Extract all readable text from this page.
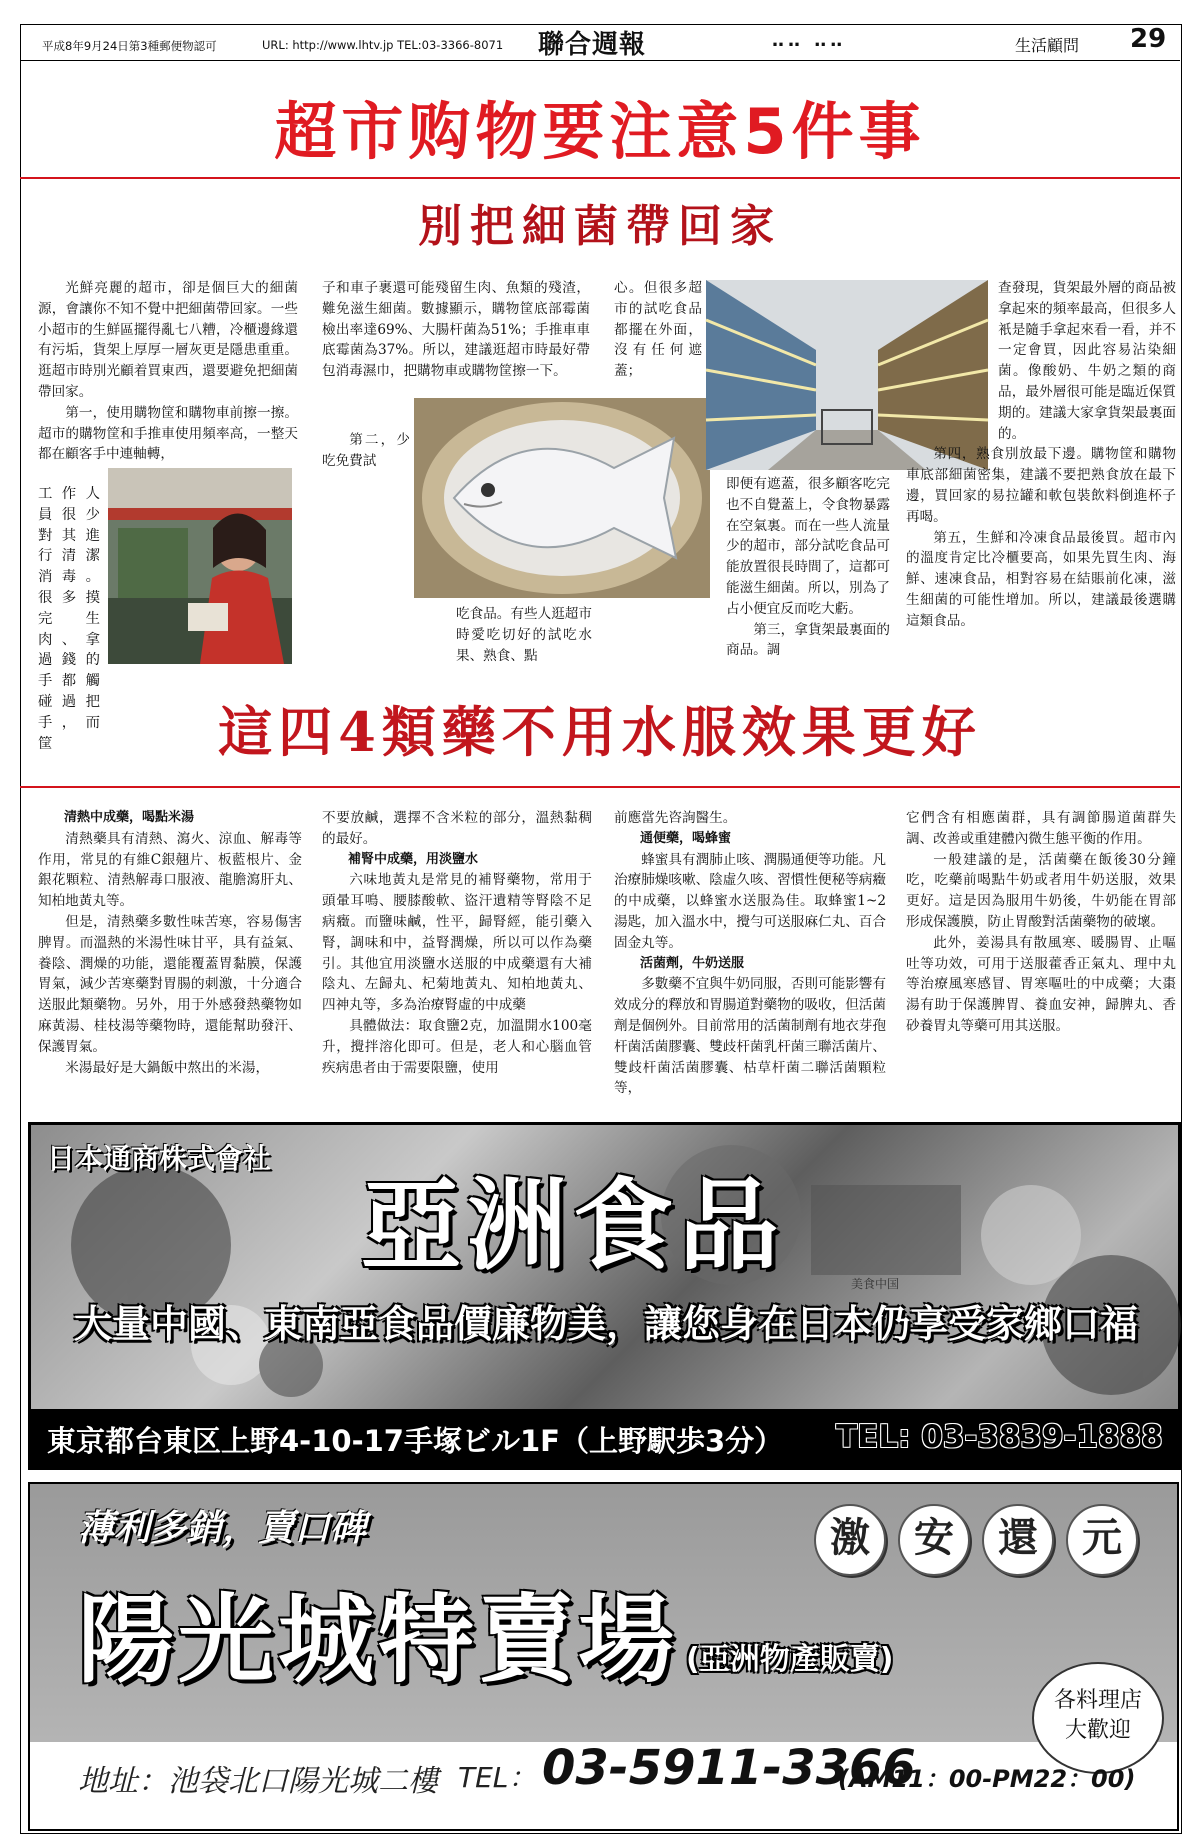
平成8年9月24日第3種郵便物認可	URL: http://www.lhtv.jp TEL:03-3366-8071 聯合週報	‥‥ ‥‥	生活顧問 29
超市购物要注意5件事
別把細菌帶回家

光鮮亮麗的超市，卻是個巨大的細菌源，會讓你不知不覺中把細菌帶回家。一些小超市的生鮮區擺得亂七八糟，冷櫃邊緣還有污垢，貨架上厚厚一層灰更是隱患重重。逛超市時別光顧着買東西，還要避免把細菌帶回家。

第一，使用購物筐和購物車前擦一擦。超市的購物筐和手推車使用頻率高，一整天都在顧客手中連軸轉，

工作人員很少對其進行清潔消毒。很多摸完生肉、拿過錢的手都觸碰過把手，而筐

子和車子裹還可能殘留生肉、魚類的殘渣，難免滋生細菌。數據顯示，購物筐底部霉菌檢出率達69%、大腸杆菌為51%；手推車車底霉菌為37%。所以，建議逛超市時最好帶包消毒濕巾，把購物車或購物筐擦一下。

第二，少吃免費試

吃食品。有些人逛超市時愛吃切好的試吃水果、熟食、點

心。但很多超市的試吃食品都擺在外面，沒有任何遮蓋；

即便有遮蓋，很多顧客吃完也不自覺蓋上，令食物暴露在空氣裏。而在一些人流量少的超市，部分試吃食品可能放置很長時間了，這都可能滋生細菌。所以，別為了占小便宜反而吃大虧。

第三，拿貨架最裏面的商品。調

查發現，貨架最外層的商品被拿起來的頻率最高，但很多人衹是隨手拿起來看一看，并不一定會買，因此容易沾染細菌。像酸奶、牛奶之類的商品，最外層很可能是臨近保質期的。建議大家拿貨架最裏面的。

第四，熟食別放最下邊。購物筐和購物車底部細菌密集，建議不要把熟食放在最下邊，買回家的易拉罐和軟包裝飲料倒進杯子再喝。

第五，生鮮和冷凍食品最後買。超市內的溫度肯定比冷櫃要高，如果先買生肉、海鮮、速凍食品，相對容易在結賬前化凍，滋生細菌的可能性增加。所以，建議最後選購這類食品。

這四4類藥不用水服效果更好
清熱中成藥，喝點米湯

清熱藥具有清熱、瀉火、涼血、解毒等作用，常見的有維C銀翹片、板藍根片、金銀花顆粒、清熱解毒口服液、龍膽瀉肝丸、知柏地黃丸等。

但是，清熱藥多數性味苦寒，容易傷害脾胃。而溫熱的米湯性味甘平，具有益氣、養陰、潤燥的功能，還能覆蓋胃黏膜，保護胃氣，減少苦寒藥對胃腸的刺激，十分適合送服此類藥物。另外，用于外感發熱藥物如麻黃湯、桂枝湯等藥物時，還能幫助發汗、保護胃氣。

米湯最好是大鍋飯中熬出的米湯，

不要放鹹，選擇不含米粒的部分，溫熱黏稠的最好。

補腎中成藥，用淡鹽水

六味地黃丸是常見的補腎藥物，常用于頭暈耳鳴、腰膝酸軟、盜汗遺精等腎陰不足病癥。而鹽味鹹，性平，歸腎經，能引藥入腎，調味和中，益腎潤燥，所以可以作為藥引。其他宜用淡鹽水送服的中成藥還有大補陰丸、左歸丸、杞菊地黃丸、知柏地黃丸、四神丸等，多為治療腎虛的中成藥

具體做法：取食鹽2克，加溫開水100毫升，攪拌溶化即可。但是，老人和心腦血管疾病患者由于需要限鹽，使用

前應當先咨詢醫生。

通便藥，喝蜂蜜

蜂蜜具有潤肺止咳、潤腸通便等功能。凡治療肺燥咳嗽、陰虛久咳、習慣性便秘等病癥的中成藥，以蜂蜜水送服為佳。取蜂蜜1~2湯匙，加入溫水中，攪勻可送服麻仁丸、百合固金丸等。

活菌劑，牛奶送服

多數藥不宜與牛奶同服，否則可能影響有效成分的釋放和胃腸道對藥物的吸收，但活菌劑是個例外。目前常用的活菌制劑有地衣芽孢杆菌活菌膠囊、雙歧杆菌乳杆菌三聯活菌片、雙歧杆菌活菌膠囊、枯草杆菌二聯活菌顆粒等，

它們含有相應菌群，具有調節腸道菌群失調、改善或重建體內微生態平衡的作用。

一般建議的是，活菌藥在飯後30分鐘吃，吃藥前喝點牛奶或者用牛奶送服，效果更好。這是因為服用牛奶後，牛奶能在胃部形成保護膜，防止胃酸對活菌藥物的破壞。

此外，姜湯具有散風寒、暖腸胃、止嘔吐等功效，可用于送服藿香正氣丸、理中丸等治療風寒感冒、胃寒嘔吐的中成藥；大棗湯有助于保護脾胃、養血安神，歸脾丸、香砂養胃丸等藥可用其送服。

日本通商株式會社
亞洲食品	美食中国
大量中國、東南亞食品價廉物美，讓您身在日本仍享受家鄉口福
東京都台東区上野4-10-17手塚ビル1F（上野駅歩3分） TEL: 03-3839-1888
薄利多銷，賣口碑	激	安	還	元
陽光城特賣場 (亞洲物產販賣)
各料理店
大歡迎
地址：池袋北口陽光城二樓 TEL： 03-5911-3366
(AM11：00-PM22：00)
